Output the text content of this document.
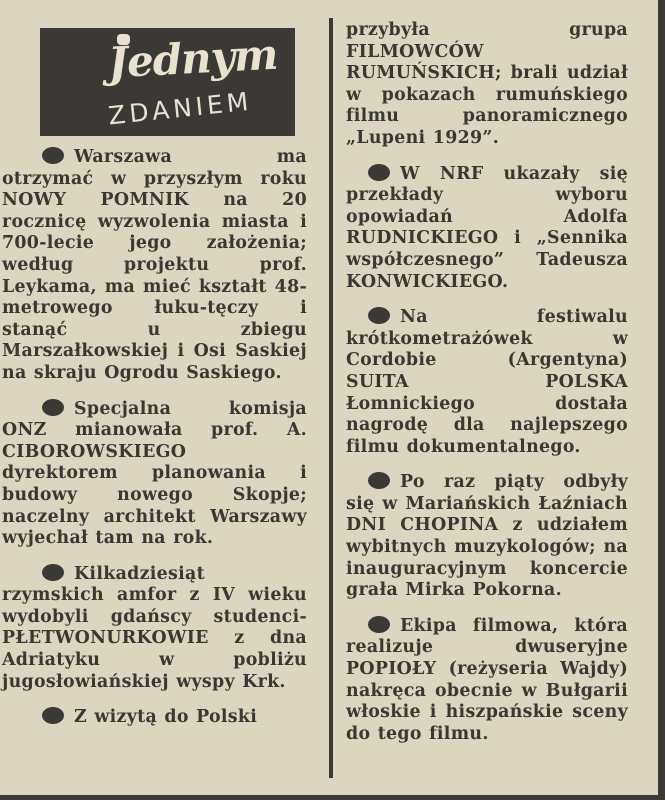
Jednym
ZDANIEM

Warszawa ma otrzymać w przyszłym roku NOWY POMNIK na 20 rocznicę wyzwolenia miasta i 700-lecie jego założenia; według projektu prof. Leykama, ma mieć kształt 48-metrowego łuku-tęczy i stanąć u zbiegu Marszałkowskiej i Osi Saskiej na skraju Ogrodu Saskiego.

Specjalna komisja ONZ mianowała prof. A. CIBOROWSKIEGO dyrektorem planowania i budowy nowego Skopje; naczelny architekt Warszawy wyjechał tam na rok.

Kilkadziesiąt rzymskich amfor z IV wieku wydobyli gdańscy studenci-PŁETWONURKOWIE z dna Adriatyku w pobliżu jugosłowiańskiej wyspy Krk.

Z wizytą do Polski

przybyła grupa FILMOWCÓW RUMUŃSKICH; brali udział w pokazach rumuńskiego filmu panoramicznego „Lupeni 1929”.

W NRF ukazały się przekłady wyboru opowiadań Adolfa RUDNICKIEGO i „Sennika współczesnego” Tadeusza KONWICKIEGO.

Na festiwalu krótkometrażówek w Cordobie (Argentyna) SUITA POLSKA Łomnickiego dostała nagrodę dla najlepszego filmu dokumentalnego.

Po raz piąty odbyły się w Mariańskich Łaźniach DNI CHOPINA z udziałem wybitnych muzykologów; na inauguracyjnym koncercie grała Mirka Pokorna.

Ekipa filmowa, która realizuje dwuseryjne POPIOŁY (reżyseria Wajdy) nakręca obecnie w Bułgarii włoskie i hiszpańskie sceny do tego filmu.
